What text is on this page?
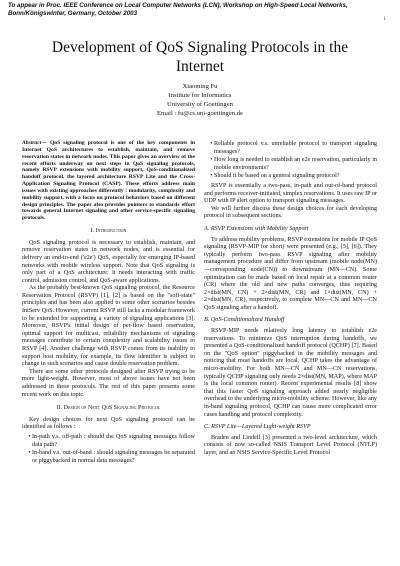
To appear in Proc. IEEE Conference on Local Computer Networks (LCN), Workshop on High-Speed Local Networks, Bonn/Königswinter, Germany, October 2003
1
Development of QoS Signaling Protocols in the Internet
Xiaoming Fu
Institute for Informatics
University of Goettingen
Email : fu@cs.uni-goettingen.de
Abstract— QoS signaling protocol is one of the key components in Internet QoS architectures to establish, maintain, and remove reservation states in network nodes. This paper gives an overview of the recent efforts underway on next steps in QoS signaling protocols, namely RSVP extensions with mobility support, QoS-conditionalized handoff protocol, the layered architecture RSVP Lite and the Cross-Application Signaling Protocol (CASP). These efforts address main issues with existing approaches differently : modularity, complexity and mobility support, with a focus on protocol behaviors based on different design principles. The paper also provides pointers to standards effort towards general Internet signaling and other service-specific signaling protocols.
I. Introduction

QoS signaling protocol is necessary to establish, maintain, and remove reservation states in network nodes, and is essential for delivery an end-to-end ('e2e') QoS, especially for emerging IP-based networks with mobile wireless support. Note that QoS signaling is only part of a QoS architecture; it needs interacting with traffic control, admission control, and QoS-aware applications.

As the probably best-known QoS signaling protocol, the Resource Reservation Protocol (RSVP) [1], [2] is based on the "soft-state" principles and has been also applied to some other scenarios besides IntServ QoS. However, current RSVP still lacks a modular framework to be extended for supporting a variety of signaling applications [3]. Moreover, RSVP's initial design of per-flow based reservation, optimal support for multicast, reliability mechanisms of signaling messages contribute to certain complexity and scalability issues to RSVP [4]. Another challenge with RSVP comes from its inability to support host mobility, for example, its flow identifier is subject to change in such scenarios and cause double reservation problem.

There are some other protocols designed after RSVP trying to be more light-weight. However, most of above issues have not been addressed in these protocols. The rest of this paper presents some recent work on this topic.

II. Design of Next QoS Signaling Protocol

Key design choices for next QoS signaling protocol can be identified as follows :

• In-path v.s. off-path : should the QoS signaling messages follow data path?
• In-band v.s. out-of-band : should signaling messages be separated or piggybacked in normal data messages?
• Reliable protocol v.s. unreliable protocol to transport signaling messages?
• How long is needed to establish an e2e reservation, particularly in mobile environments?
• Should it be based on a general signaling protocol?

RSVP is essentially a two-pass, in-path and out-of-band protocol and performs receiver-initiated, simplex reservations. It uses raw IP or UDP with IP alert option to transport signaling messages.

We will further discuss these design choices for each developing protocol in subsequent sections.

A. RSVP Extensions with Mobility Support

To address mobility problems, RSVP extensions for mobile IP QoS signaling (RSVP-MIP for short) were presented (e.g., [5], [6]). They typically perform two-pass RSVP signaling after mobility management procedure and differ from upstream (mobile node(MN)—corresponding node(CN)) to downstream (MN—CN). Some optimization can be made based on local repair at a common router (CR) where the old and new paths converges, thus requiring 2×dist(MN, CN) + 2×dist(MN, CR) and 1×dist(MN, CN) + 2×dist(MN, CR), respectively, to complete MN—CN and MN—CN QoS signaling after a handoff.

B. QoS-Conditionalized Handoff

RSVP-MIP needs relatively long latency to establish e2e reservations. To minimize QoS interruption during handoffs, we presented a QoS-conditionalized handoff protocol (QCHP) [7]. Based on the "QoS option" piggybacked in the mobility messages and noticing that most handoffs are local, QCHP takes the advantage of micro-mobility. For both MN—CN and MN—CN reservations, typically QCHP signaling only needs 2×dist(MN, MAP), where MAP is the local common router). Recent experimental results [8] show that this faster QoS signaling approach added nearly negligible overhead to the underlying micro-mobility scheme. However, like any in-band signaling protocol, QCHP can cause more complicated error cases handling and protocol complexity.

C. RSVP Lite—Layered Light-weight RSVP

Braden and Lindell [3] presented a two-level architecture, which consists of now so-called NSIS Transport Level Protocol (NTLP) layer, and an NSIS Service-Specific Level Protocol
